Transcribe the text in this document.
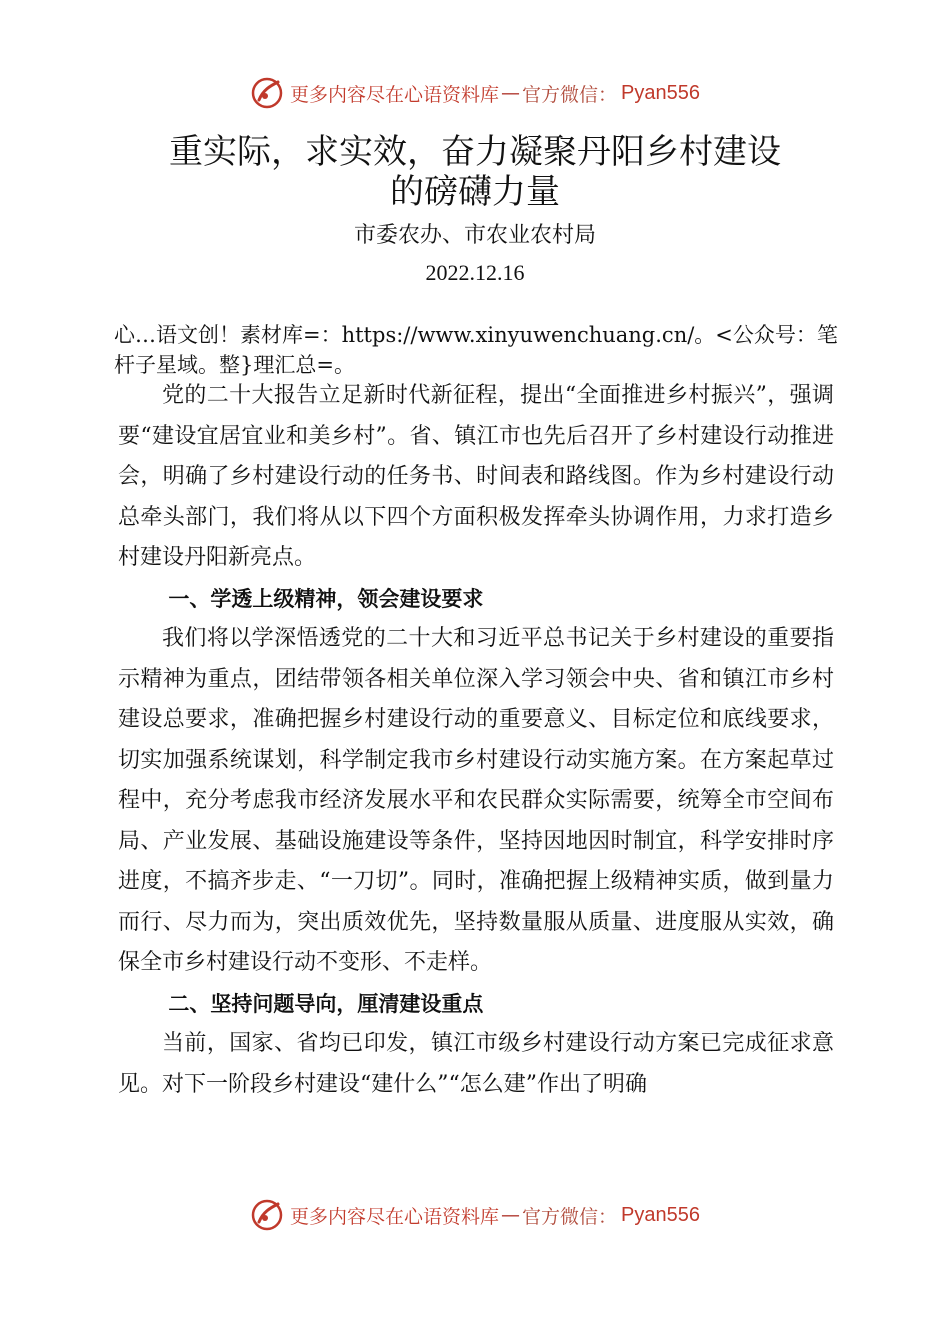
更多内容尽在心语资料库 — 官方微信： Pyan556
重实际，求实效，奋力凝聚丹阳乡村建设
的磅礴力量
市委农办、市农业农村局
2022.12.16
心…语文创！素材库=：https://www.xinyuwenchuang.cn/。<公众号：笔杆子星域。整}理汇总=。

党的二十大报告立足新时代新征程，提出“全面推进乡村振兴”，强调要“建设宜居宜业和美乡村”。省、镇江市也先后召开了乡村建设行动推进会，明确了乡村建设行动的任务书、时间表和路线图。作为乡村建设行动总牵头部门，我们将从以下四个方面积极发挥牵头协调作用，力求打造乡村建设丹阳新亮点。

一、学透上级精神，领会建设要求

我们将以学深悟透党的二十大和习近平总书记关于乡村建设的重要指示精神为重点，团结带领各相关单位深入学习领会中央、省和镇江市乡村建设总要求，准确把握乡村建设行动的重要意义、目标定位和底线要求，切实加强系统谋划，科学制定我市乡村建设行动实施方案。在方案起草过程中，充分考虑我市经济发展水平和农民群众实际需要，统筹全市空间布局、产业发展、基础设施建设等条件，坚持因地因时制宜，科学安排时序进度，不搞齐步走、“一刀切”。同时，准确把握上级精神实质，做到量力而行、尽力而为，突出质效优先，坚持数量服从质量、进度服从实效，确保全市乡村建设行动不变形、不走样。

二、坚持问题导向，厘清建设重点

当前，国家、省均已印发，镇江市级乡村建设行动方案已完成征求意见。对下一阶段乡村建设“建什么”“怎么建”作出了明确

更多内容尽在心语资料库 — 官方微信： Pyan556
